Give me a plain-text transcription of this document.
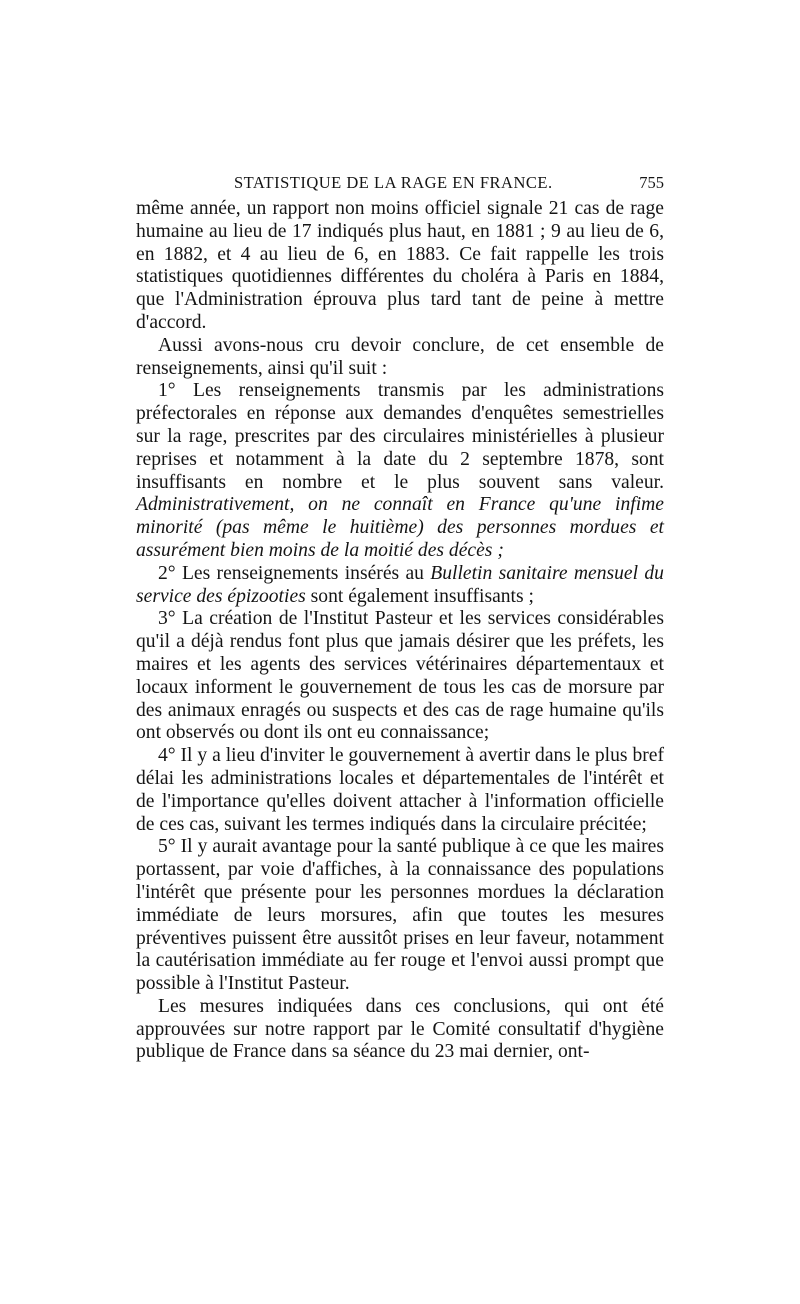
STATISTIQUE DE LA RAGE EN FRANCE.	755

même année, un rapport non moins officiel signale 21 cas de rage humaine au lieu de 17 indiqués plus haut, en 1881 ; 9 au lieu de 6, en 1882, et 4 au lieu de 6, en 1883. Ce fait rappelle les trois statistiques quotidiennes différentes du choléra à Paris en 1884, que l'Administration éprouva plus tard tant de peine à mettre d'accord.

Aussi avons-nous cru devoir conclure, de cet ensemble de renseignements, ainsi qu'il suit :

1° Les renseignements transmis par les administrations préfectorales en réponse aux demandes d'enquêtes semestrielles sur la rage, prescrites par des circulaires ministérielles à plusieur reprises et notamment à la date du 2 septembre 1878, sont insuffisants en nombre et le plus souvent sans valeur. Administrativement, on ne connaît en France qu'une infime minorité (pas même le huitième) des personnes mordues et assurément bien moins de la moitié des décès ;

2° Les renseignements insérés au Bulletin sanitaire mensuel du service des épizooties sont également insuffisants ;

3° La création de l'Institut Pasteur et les services considérables qu'il a déjà rendus font plus que jamais désirer que les préfets, les maires et les agents des services vétérinaires départementaux et locaux informent le gouvernement de tous les cas de morsure par des animaux enragés ou suspects et des cas de rage humaine qu'ils ont observés ou dont ils ont eu connaissance;

4° Il y a lieu d'inviter le gouvernement à avertir dans le plus bref délai les administrations locales et départementales de l'intérêt et de l'importance qu'elles doivent attacher à l'information officielle de ces cas, suivant les termes indiqués dans la circulaire précitée;

5° Il y aurait avantage pour la santé publique à ce que les maires portassent, par voie d'affiches, à la connaissance des populations l'intérêt que présente pour les personnes mordues la déclaration immédiate de leurs morsures, afin que toutes les mesures préventives puissent être aussitôt prises en leur faveur, notamment la cautérisation immédiate au fer rouge et l'envoi aussi prompt que possible à l'Institut Pasteur.

Les mesures indiquées dans ces conclusions, qui ont été approuvées sur notre rapport par le Comité consultatif d'hygiène publique de France dans sa séance du 23 mai dernier, ont-
